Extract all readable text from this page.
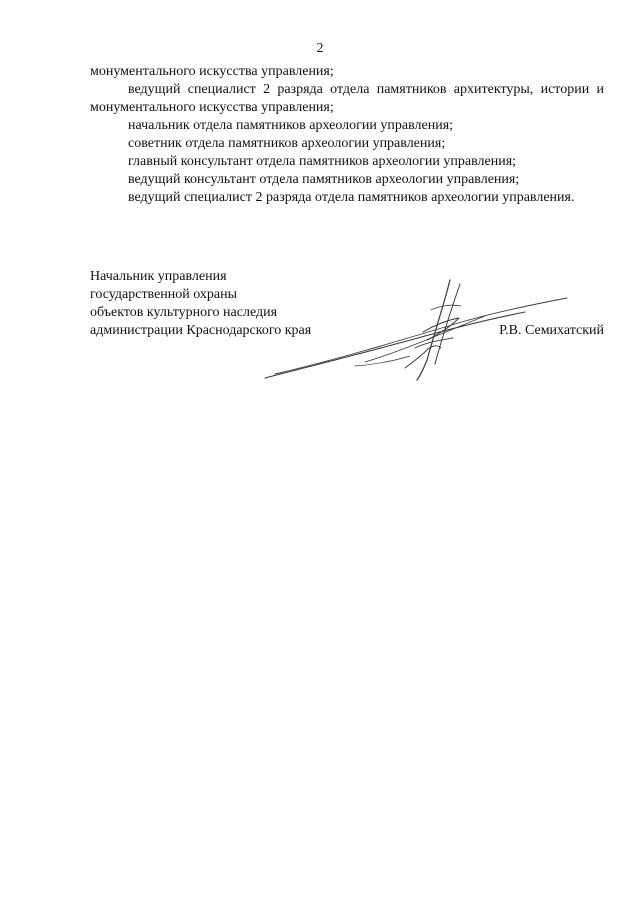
2

монументального искусства управления;

ведущий специалист 2 разряда отдела памятников архитектуры, истории и монументального искусства управления;

начальник отдела памятников археологии управления;

советник отдела памятников археологии управления;

главный консультант отдела памятников археологии управления;

ведущий консультант отдела памятников археологии управления;

ведущий специалист 2 разряда отдела памятников археологии управления.

Начальник управления
государственной охраны
объектов культурного наследия
администрации Краснодарского края	Р.В. Семихатский
